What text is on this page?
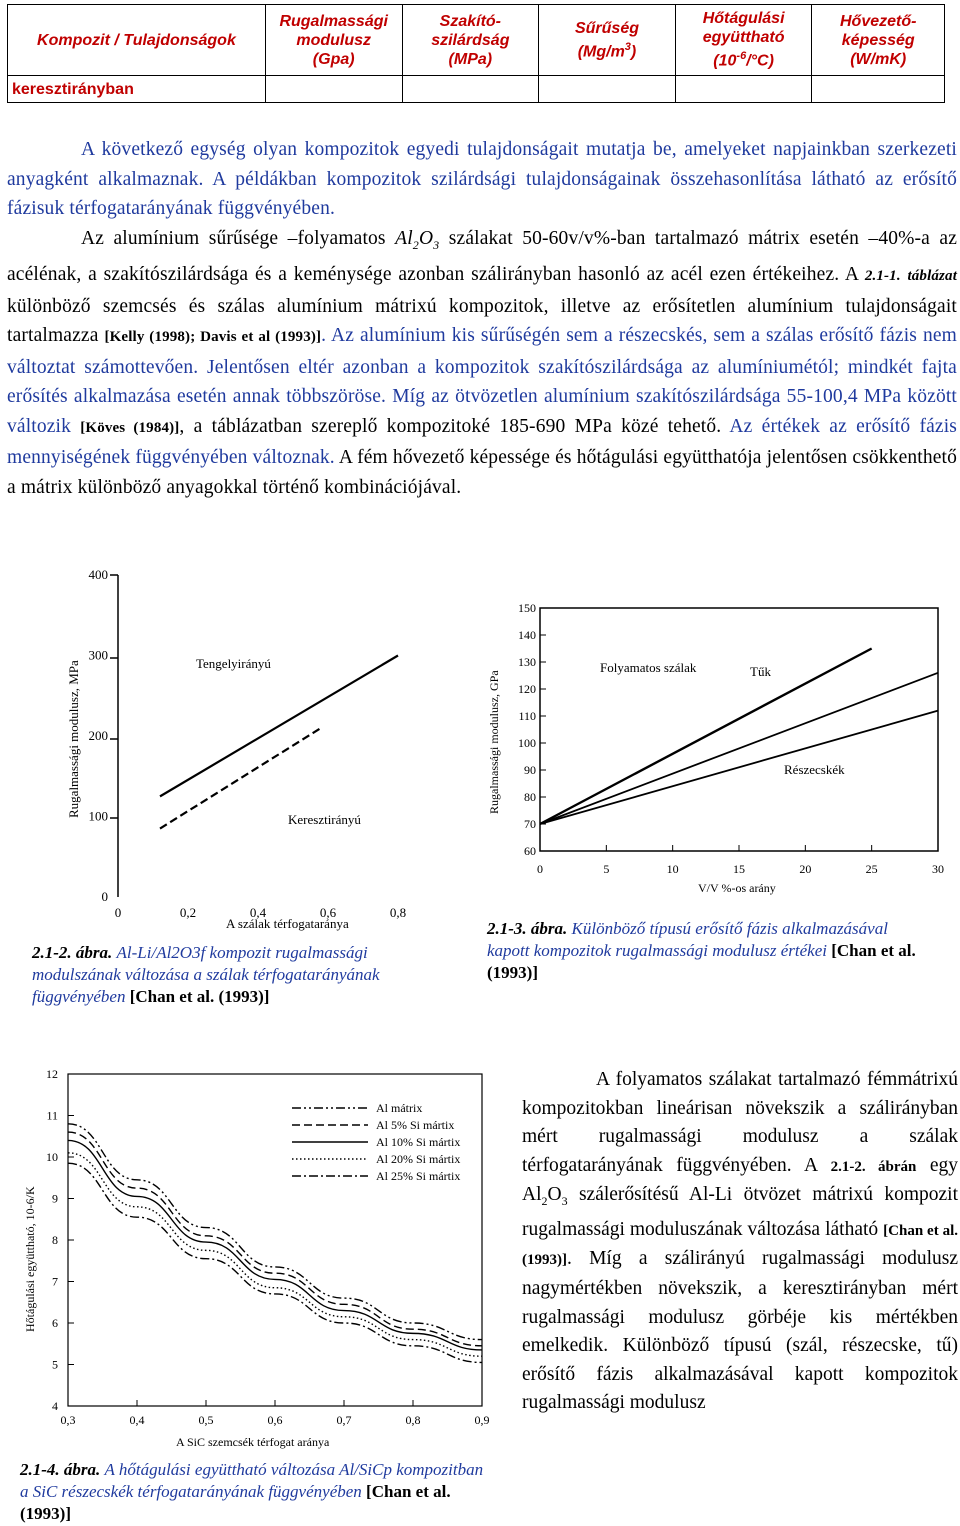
Kompozit / Tulajdonságok	Rugalmassági
modulusz
(Gpa)	Szakító-
szilárdság
(MPa)	Sűrűség
$(Mg/m^3)$	Hőtágulási
együttható
$(10^{-6}/^\circ C)$	Hővezető-
képesség
(W/mK)
keresztirányban					
A következő egység olyan kompozitok egyedi tulajdonságait mutatja be, amelyeket napjainkban szerkezeti anyagként alkalmaznak. A példákban kompozitok szilárdsági tulajdonságainak összehasonlítása látható az erősítő fázisuk térfogatarányának függvényében.
Az alumínium sűrűsége –folyamatos $Al_2O_3$ szálakat 50-60v/v%-ban tartalmazó mátrix esetén –40%-a az acélénak, a szakítószilárdsága és a keménysége azonban szálirányban hasonló az acél ezen értékeihez. A 2.1-1. táblázat különböző szemcsés és szálas alumínium mátrixú kompozitok, illetve az erősítetlen alumínium tulajdonságait tartalmazza [Kelly (1998); Davis et al (1993)]. Az alumínium kis sűrűségén sem a részecskés, sem a szálas erősítő fázis nem változtat számottevően. Jelentősen eltér azonban a kompozitok szakítószilárdsága az alumíniumétól; mindkét fajta erősítés alkalmazása esetén annak többszöröse. Míg az ötvözetlen alumínium szakítószilárdsága 55-100,4 MPa között változik [Köves (1984)], a táblázatban szereplő kompozitoké 185-690 MPa közé tehető. Az értékek az erősítő fázis mennyiségének függvényében változnak. A fém hővezető képessége és hőtágulási együtthatója jelentősen csökkenthető a mátrix különböző anyagokkal történő kombinációjával.
0
100
200
300
400
0	0,2	0,4	0,6	0,8
Rugalmassági modulusz, MPa
A szálak térfogataránya
Tengelyirányú
Keresztirányú
2.1-2. ábra. Al-Li/Al2O3f kompozit rugalmassági modulszának változása a szálak térfogatarányának függvényében [Chan et al. (1993)]
60
70
80
90
100
110
120
130
140
150
0	5	10	15	20	25	30
Rugalmassági modulusz, GPa
V/V %-os arány
Folyamatos szálak	Tűk
Részecskék
2.1-3. ábra. Különböző típusú erősítő fázis alkalmazásával kapott kompozitok rugalmassági modulusz értékei [Chan et al. (1993)]
4
5
6
7
8
9
10
11
12
0,3	0,4	0,5	0,6	0,7	0,8	0,9
Al mátrix
Al 5% Si mártix
Al 10% Si mártix
Al 20% Si mártix
Al 25% Si mártix
Hőtágulási együttható, 10-6/K
A SiC szemcsék térfogat aránya
2.1-4. ábra. A hőtágulási együttható változása Al/SiCp kompozitban a SiC részecskék térfogatarányának függvényében [Chan et al. (1993)]
A folyamatos szálakat tartalmazó fémmátrixú kompozitokban lineárisan növekszik a szálirányban mért rugalmassági modulusz a szálak térfogatarányának függvényében. A 2.1-2. ábrán egy $Al_2O_3$ szálerősítésű Al-Li ötvözet mátrixú kompozit rugalmassági moduluszának változása látható [Chan et al. (1993)]. Míg a szálirányú rugalmassági modulusz nagymértékben növekszik, a keresztirányban mért rugalmassági modulusz görbéje kis mértékben emelkedik. Különböző típusú (szál, részecske, tű) erősítő fázis alkalmazásával kapott kompozitok rugalmassági modulusz
